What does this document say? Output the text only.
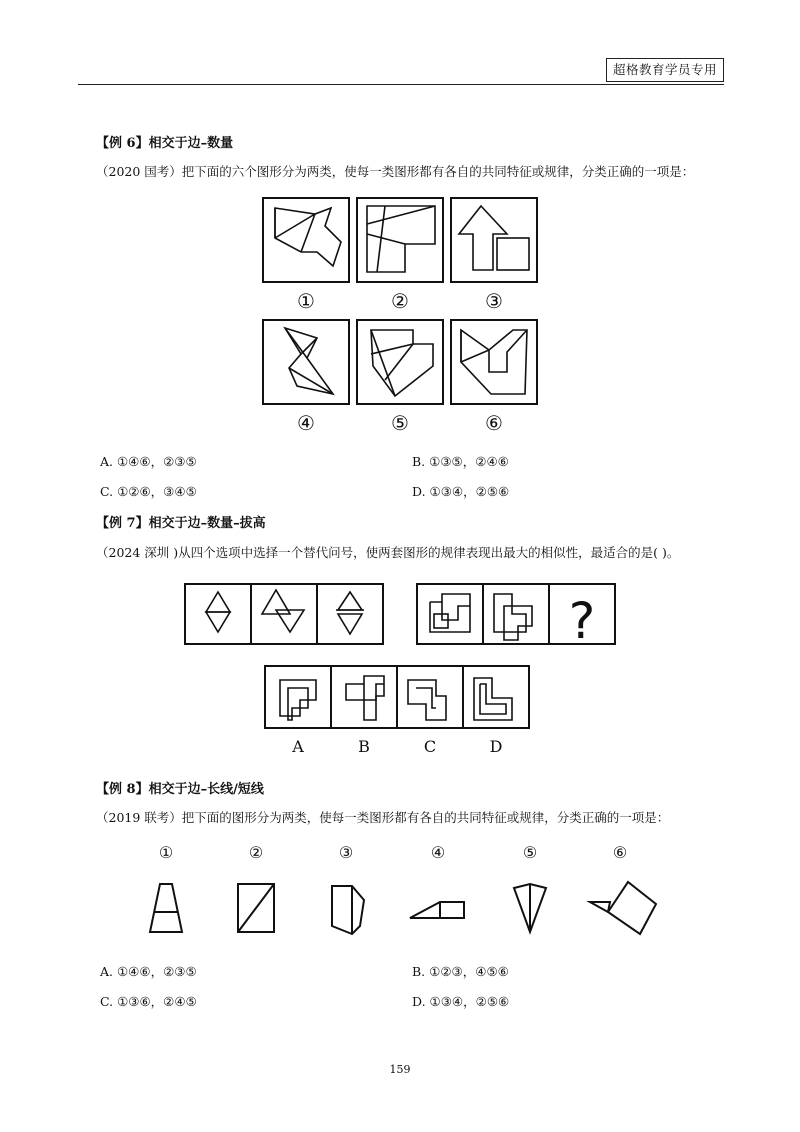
超格教育学员专用
【例 6】相交于边–数量
（2020 国考）把下面的六个图形分为两类，使每一类图形都有各自的共同特征或规律，分类正确的一项是：
①	②	③
④	⑤	⑥
A. ①④⑥，②③⑤	B. ①③⑤，②④⑥
C. ①②⑥，③④⑤	D. ①③④，②⑤⑥
【例 7】相交于边–数量–拔高
（2024 深圳 )从四个选项中选择一个替代问号，使两套图形的规律表现出最大的相似性，最适合的是( )。
?
A	B	C	D
【例 8】相交于边–长线/短线
（2019 联考）把下面的图形分为两类，使每一类图形都有各自的共同特征或规律，分类正确的一项是：
①	②	③	④	⑤	⑥
A. ①④⑥，②③⑤	B. ①②③，④⑤⑥
C. ①③⑥，②④⑤	D. ①③④，②⑤⑥
159
